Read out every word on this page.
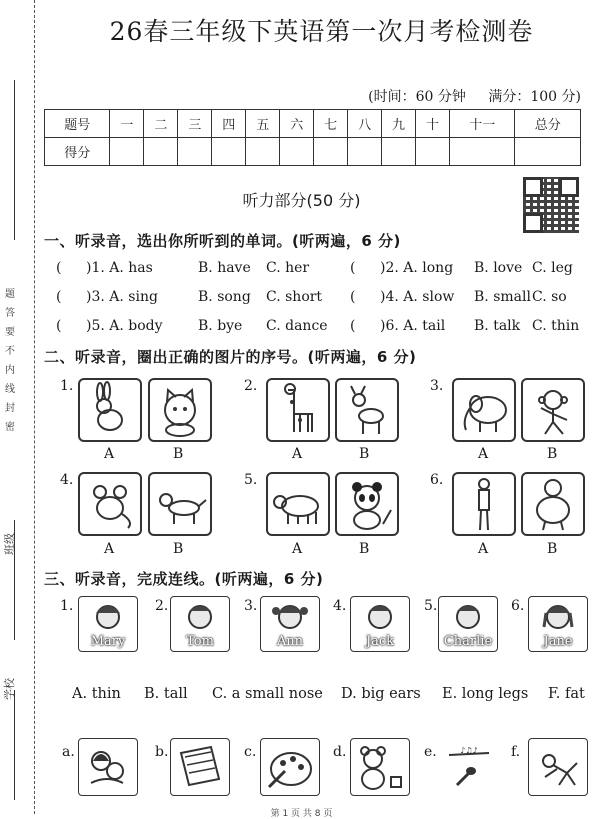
题答要不内线封密
班级
学校
26春三年级下英语第一次月考检测卷
(时间：60 分钟 满分：100 分)
题号	一	二	三	四	五	六	七	八	九	十	十一	总分
得分												
听力部分(50 分)
一、听录音，选出你所听到的单词。(听两遍，6 分)
( )1. A. has	B. have C. her	( )2. A. long B. love C. leg
( )3. A. sing	B. song C. short ( )4. A. slow B. small C. so
( )5. A. body	B. bye C. dance ( )6. A. tail B. talk C. thin
二、听录音，圈出正确的图片的序号。(听两遍，6 分)
1.
A	B
2.
A	B
3.
A	B
4.
A	B
5.
A	B
6.
A	B
三、听录音，完成连线。(听两遍，6 分)
1.
Mary
2.
Tom
3.
Ann
4.
Jack
5.
Charlie
6.
Jane
A. thin B. tall C. a small nose D. big ears E. long legs F. fat
a.	b.	c.	d.	e.	♪♫♪ f.
第 1 页 共 8 页
